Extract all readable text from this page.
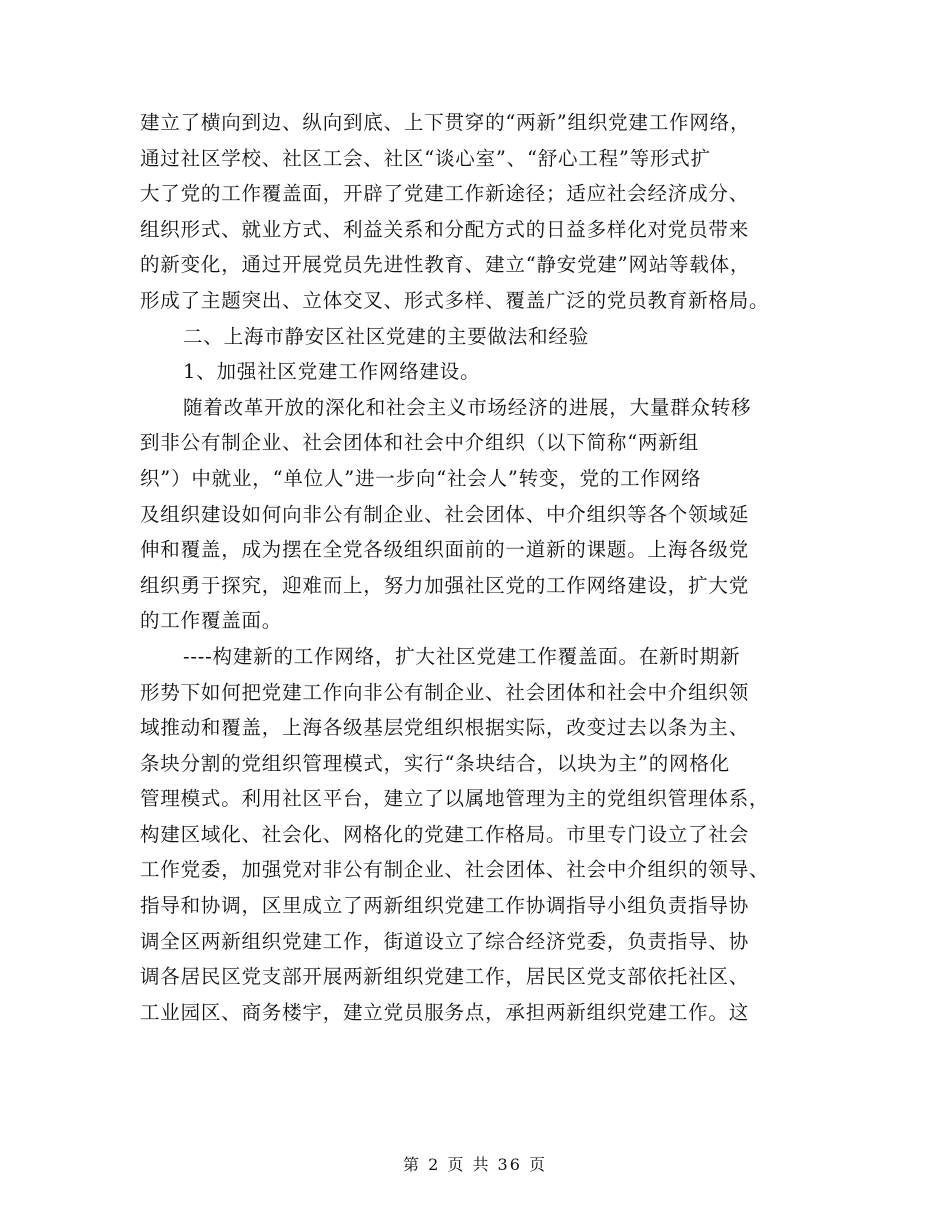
建立了横向到边、纵向到底、上下贯穿的“两新”组织党建工作网络，
通过社区学校、社区工会、社区“谈心室”、“舒心工程”等形式扩
大了党的工作覆盖面，开辟了党建工作新途径；适应社会经济成分、
组织形式、就业方式、利益关系和分配方式的日益多样化对党员带来
的新变化，通过开展党员先进性教育、建立“静安党建”网站等载体，
形成了主题突出、立体交叉、形式多样、覆盖广泛的党员教育新格局。
二、上海市静安区社区党建的主要做法和经验
1、加强社区党建工作网络建设。
随着改革开放的深化和社会主义市场经济的进展，大量群众转移
到非公有制企业、社会团体和社会中介组织（以下简称“两新组
织”）中就业，“单位人”进一步向“社会人”转变，党的工作网络
及组织建设如何向非公有制企业、社会团体、中介组织等各个领域延
伸和覆盖，成为摆在全党各级组织面前的一道新的课题。上海各级党
组织勇于探究，迎难而上，努力加强社区党的工作网络建设，扩大党
的工作覆盖面。
----构建新的工作网络，扩大社区党建工作覆盖面。在新时期新
形势下如何把党建工作向非公有制企业、社会团体和社会中介组织领
域推动和覆盖，上海各级基层党组织根据实际，改变过去以条为主、
条块分割的党组织管理模式，实行“条块结合，以块为主”的网格化
管理模式。利用社区平台，建立了以属地管理为主的党组织管理体系，
构建区域化、社会化、网格化的党建工作格局。市里专门设立了社会
工作党委，加强党对非公有制企业、社会团体、社会中介组织的领导、
指导和协调，区里成立了两新组织党建工作协调指导小组负责指导协
调全区两新组织党建工作，街道设立了综合经济党委，负责指导、协
调各居民区党支部开展两新组织党建工作，居民区党支部依托社区、
工业园区、商务楼宇，建立党员服务点，承担两新组织党建工作。这
第 2 页 共 36 页
